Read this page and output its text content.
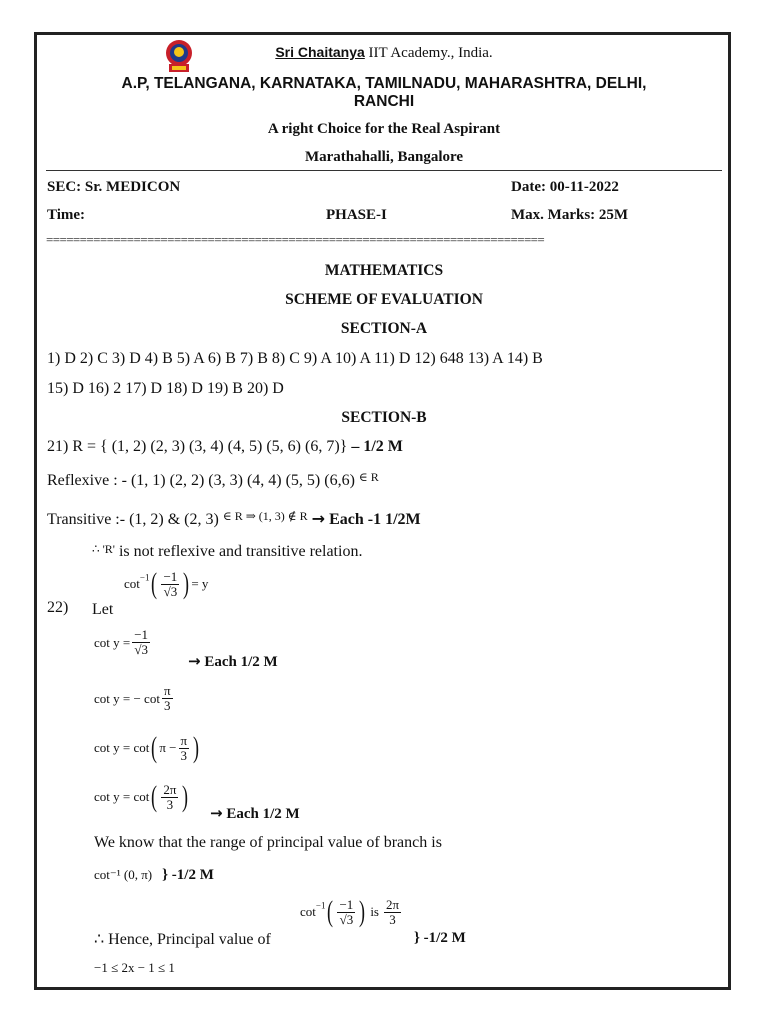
Sri Chaitanya IIT Academy., India.
A.P, TELANGANA, KARNATAKA, TAMILNADU, MAHARASHTRA, DELHI,
RANCHI
A right Choice for the Real Aspirant
Marathahalli, Bangalore
SEC: Sr. MEDICON	Date: 00-11-2022
Time:	PHASE-I	Max. Marks: 25M
==========================================================================
MATHEMATICS
SCHEME OF EVALUATION
SECTION-A
1) D 2) C 3) D 4) B 5) A 6) B 7) B 8) C 9) A 10) A 11) D 12) 648 13) A 14) B
15) D 16) 2 17) D 18) D 19) B 20) D
SECTION-B
21) R = { (1, 2) (2, 3) (3, 4) (4, 5) (5, 6) (6, 7)} – 1/2 M
Reflexive : - (1, 1) (2, 2) (3, 3) (4, 4) (5, 5) (6,6) $^{\in R}$
Transitive :- (1, 2) & (2, 3) $^{\in R \Rightarrow (1, 3) \notin R}$ → Each -1 1/2M
∴ 'R' is not reflexive and transitive relation.
22) Let
$\cot^{-1}( \frac{-1}{√3}$ ) = y
$\cot y = \frac{-1}{√3}$
→ Each 1/2 M
cot y = − $\cot \frac{\pi}{3}$
cot y = cot( $\pi - \frac{\pi}{3}$ )
$\cot y = \cot( \frac{2\pi}{3}$ ) → Each 1/2 M
We know that the range of principal value of branch is
cot⁻¹ (0, π) } -1/2 M
∴ Hence, Principal value of
$\cot^{-1}( \frac{-1}{√3}$ ) is $\frac{2\pi}{3}$
} -1/2 M
−1 ≤ 2x − 1 ≤ 1
